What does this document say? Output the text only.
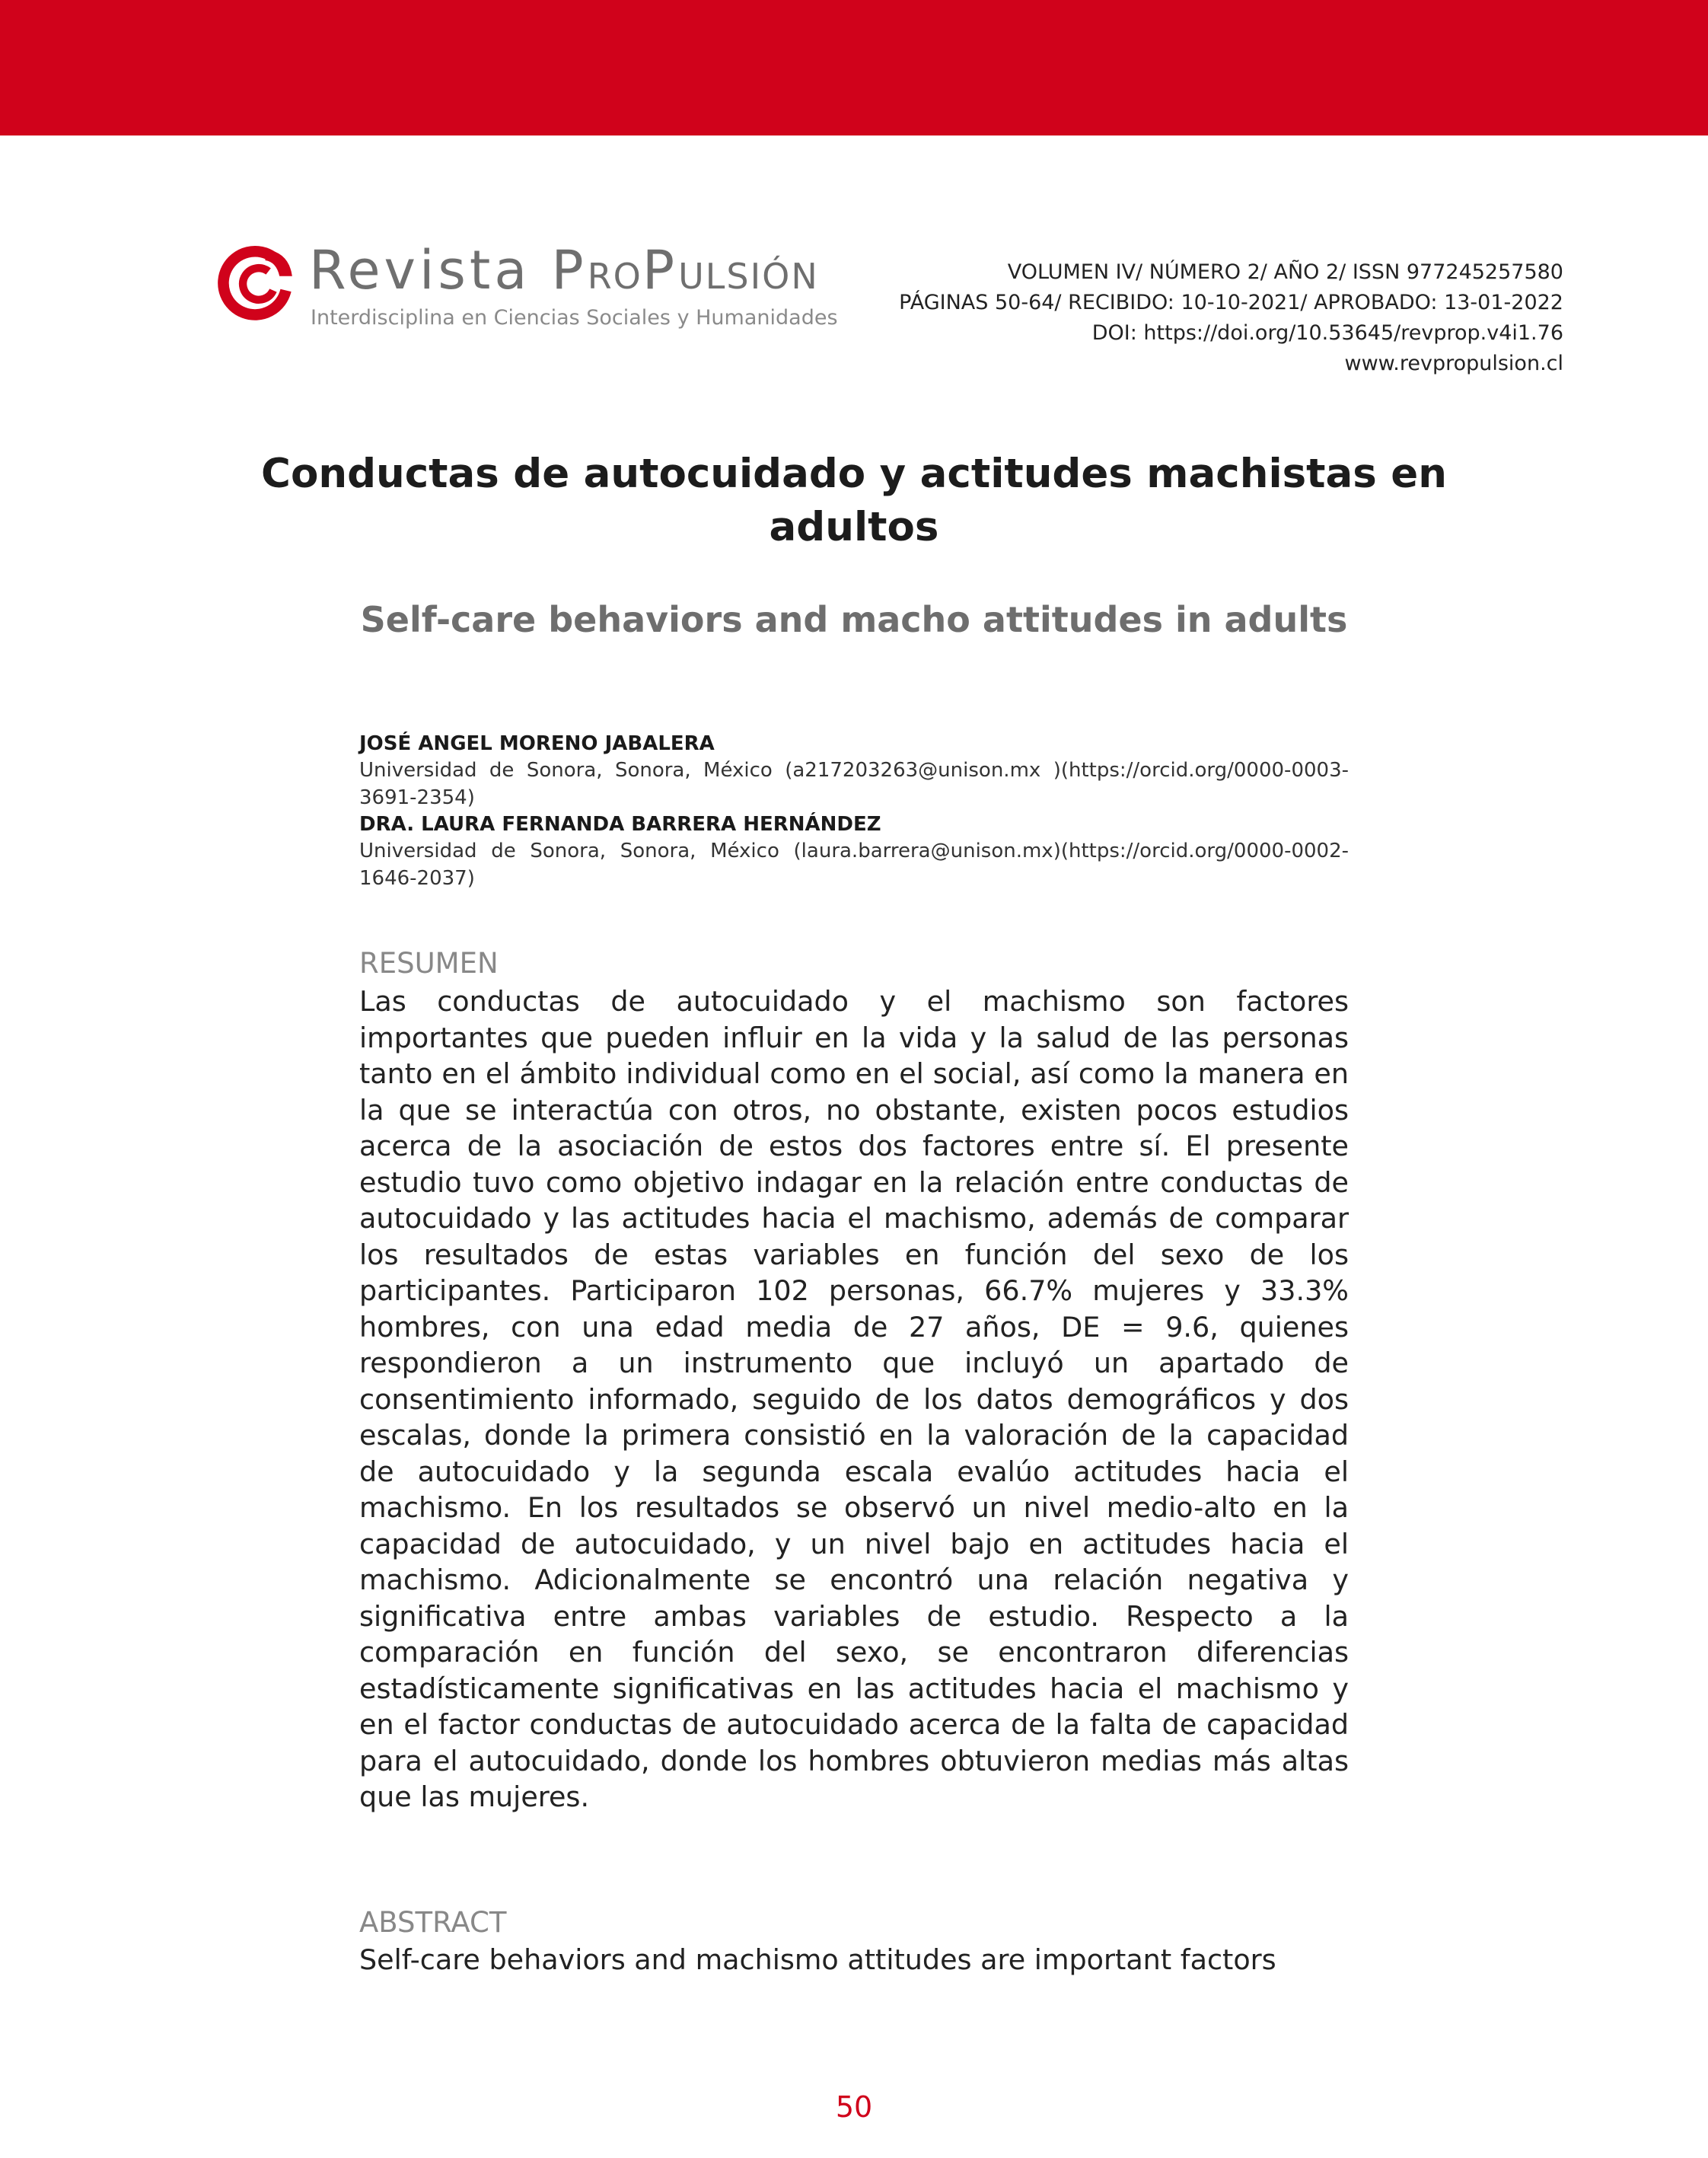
Revista PROPULSIÓN
Interdisciplina en Ciencias Sociales y Humanidades
VOLUMEN IV/ NÚMERO 2/ AÑO 2/ ISSN 977245257580
PÁGINAS 50-64/ RECIBIDO: 10-10-2021/ APROBADO: 13-01-2022
DOI: https://doi.org/10.53645/revprop.v4i1.76
www.revpropulsion.cl
Conductas de autocuidado y actitudes machistas en adultos
Self-care behaviors and macho attitudes in adults
JOSÉ ANGEL MORENO JABALERA
Universidad de Sonora, Sonora, México (a217203263@unison.mx )(https://orcid.org/0000-0003-3691-2354)
DRA. LAURA FERNANDA BARRERA HERNÁNDEZ
Universidad de Sonora, Sonora, México (laura.barrera@unison.mx)(https://orcid.org/0000-0002-1646-2037)
RESUMEN

Las conductas de autocuidado y el machismo son factores importantes que pueden influir en la vida y la salud de las personas tanto en el ámbito individual como en el social, así como la manera en la que se interactúa con otros, no obstante, existen pocos estudios acerca de la asociación de estos dos factores entre sí. El presente estudio tuvo como objetivo indagar en la relación entre conductas de autocuidado y las actitudes hacia el machismo, además de comparar los resultados de estas variables en función del sexo de los participantes. Participaron 102 personas, 66.7% mujeres y 33.3% hombres, con una edad media de 27 años, DE = 9.6, quienes respondieron a un instrumento que incluyó un apartado de consentimiento informado, seguido de los datos demográficos y dos escalas, donde la primera consistió en la valoración de la capacidad de autocuidado y la segunda escala evalúo actitudes hacia el machismo. En los resultados se observó un nivel medio-alto en la capacidad de autocuidado, y un nivel bajo en actitudes hacia el machismo. Adicionalmente se encontró una relación negativa y significativa entre ambas variables de estudio. Respecto a la comparación en función del sexo, se encontraron diferencias estadísticamente significativas en las actitudes hacia el machismo y en el factor conductas de autocuidado acerca de la falta de capacidad para el autocuidado, donde los hombres obtuvieron medias más altas que las mujeres.

ABSTRACT

Self-care behaviors and machismo attitudes are important factors

50
